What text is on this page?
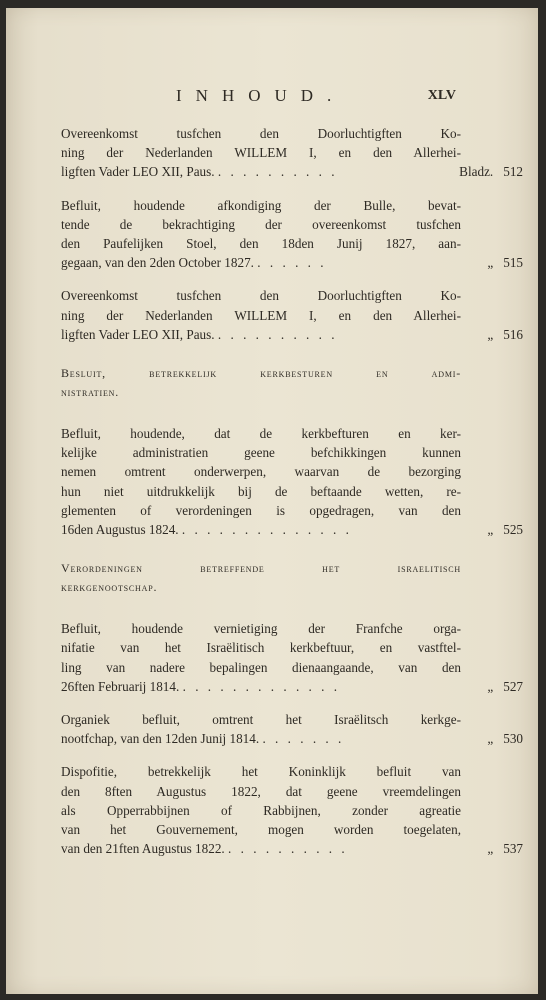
INHOUD.	XLV
Overeenkomst tusfchen den Doorluchtigften Ko-
ning der Nederlanden WILLEM I, en den Allerhei-
ligften Vader LEO XII, Paus. . . . . . . . . . .	Bladz. 512
Befluit, houdende afkondiging der Bulle, bevat-
tende de bekrachtiging der overeenkomst tusfchen
den Paufelijken Stoel, den 18den Junij 1827, aan-
gegaan, van den 2den October 1827. . . . . . .	„ 515
Overeenkomst tusfchen den Doorluchtigften Ko-
ning der Nederlanden WILLEM I, en den Allerhei-
ligften Vader LEO XII, Paus. . . . . . . . . . .	„ 516
Besluit, betrekkelijk kerkbesturen en admi-
nistratien.
Befluit, houdende, dat de kerkbefturen en ker-
kelijke administratien geene befchikkingen kunnen
nemen omtrent onderwerpen, waarvan de bezorging
hun niet uitdrukkelijk bij de beftaande wetten, re-
glementen of verordeningen is opgedragen, van den
16den Augustus 1824. . . . . . . . . . . . . . .	„ 525
Verordeningen betreffende het israelitisch
kerkgenootschap.
Befluit, houdende vernietiging der Franfche orga-
nifatie van het Israëlitisch kerkbeftuur, en vastftel-
ling van nadere bepalingen dienaangaande, van den
26ften Februarij 1814. . . . . . . . . . . . . .	„ 527
Organiek befluit, omtrent het Israëlitsch kerkge-
nootfchap, van den 12den Junij 1814. . . . . . . .	„ 530
Dispofitie, betrekkelijk het Koninklijk befluit van
den 8ften Augustus 1822, dat geene vreemdelingen
als Opperrabbijnen of Rabbijnen, zonder agreatie
van het Gouvernement, mogen worden toegelaten,
van den 21ften Augustus 1822. . . . . . . . . . .	„ 537
